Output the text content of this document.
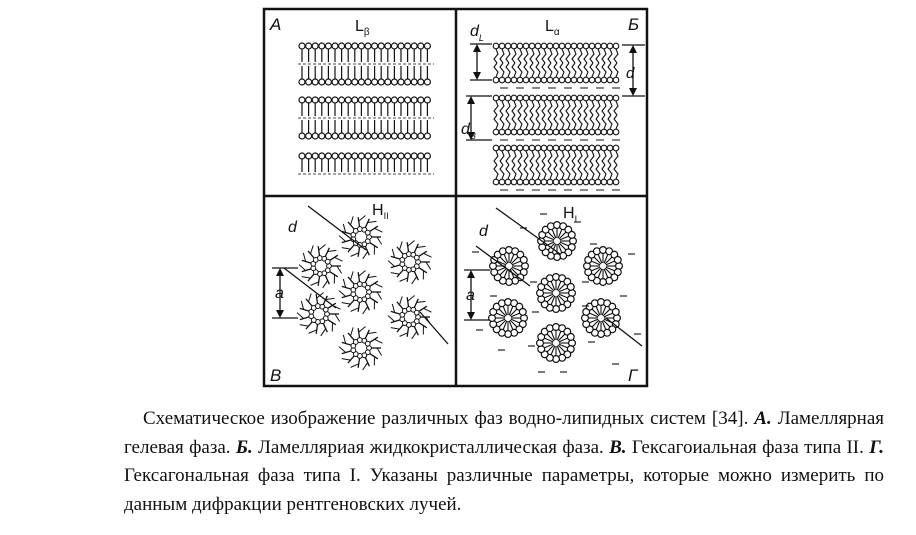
А	Б
В	Г
$L_\beta$	$L_\alpha$
$H_{II}$	$H_I$
$d_L$
$d_B$
d
d
a
d
a
 Схематическое изображение различных фаз водно-липидных систем [34]. А. Ламеллярная гелевая фаза. Б. Ламелляриая жидкокристаллическая фаза. В. Гексагоиальная фаза типа II. Г. Гексагональная фаза типа I. Указаны различные параметры, которые можно измерить по данным дифракции рентгеновских лучей.
